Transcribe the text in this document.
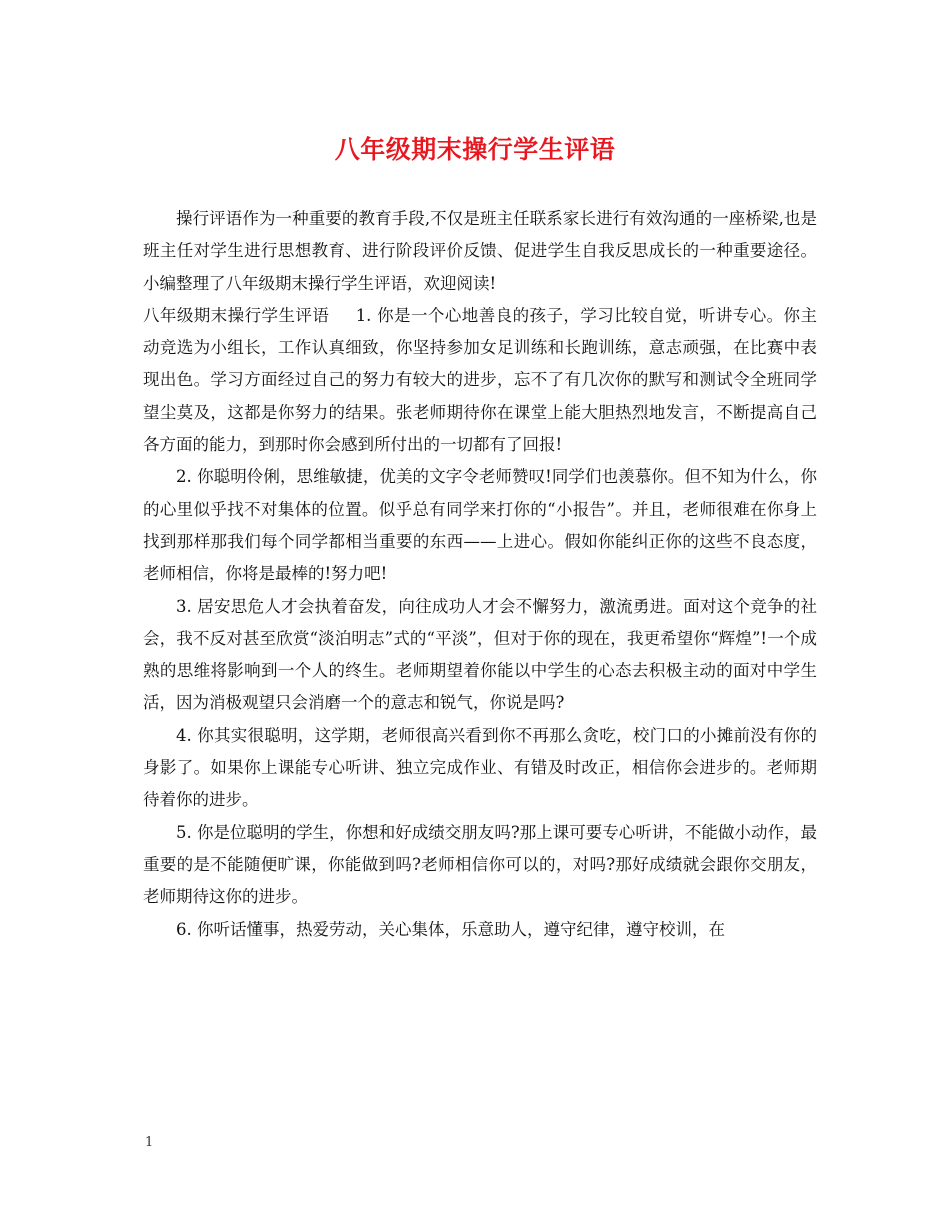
八年级期末操行学生评语

操行评语作为一种重要的教育手段,不仅是班主任联系家长进行有效沟通的一座桥梁,也是班主任对学生进行思想教育、进行阶段评价反馈、促进学生自我反思成长的一种重要途径。小编整理了八年级期末操行学生评语，欢迎阅读!

八年级期末操行学生评语 1. 你是一个心地善良的孩子，学习比较自觉，听讲专心。你主动竞选为小组长，工作认真细致，你坚持参加女足训练和长跑训练，意志顽强，在比赛中表现出色。学习方面经过自己的努力有较大的进步，忘不了有几次你的默写和测试令全班同学望尘莫及，这都是你努力的结果。张老师期待你在课堂上能大胆热烈地发言，不断提高自己各方面的能力，到那时你会感到所付出的一切都有了回报!

2. 你聪明伶俐，思维敏捷，优美的文字令老师赞叹!同学们也羡慕你。但不知为什么，你的心里似乎找不对集体的位置。似乎总有同学来打你的“小报告”。并且，老师很难在你身上找到那样那我们每个同学都相当重要的东西——上进心。假如你能纠正你的这些不良态度，老师相信，你将是最棒的!努力吧!

3. 居安思危人才会执着奋发，向往成功人才会不懈努力，激流勇进。面对这个竞争的社会，我不反对甚至欣赏“淡泊明志”式的“平淡”，但对于你的现在，我更希望你“辉煌”!一个成熟的思维将影响到一个人的终生。老师期望着你能以中学生的心态去积极主动的面对中学生活，因为消极观望只会消磨一个的意志和锐气，你说是吗?

4. 你其实很聪明，这学期，老师很高兴看到你不再那么贪吃，校门口的小摊前没有你的身影了。如果你上课能专心听讲、独立完成作业、有错及时改正，相信你会进步的。老师期待着你的进步。

5. 你是位聪明的学生，你想和好成绩交朋友吗?那上课可要专心听讲，不能做小动作，最重要的是不能随便旷课，你能做到吗?老师相信你可以的，对吗?那好成绩就会跟你交朋友，老师期待这你的进步。

6. 你听话懂事，热爱劳动，关心集体，乐意助人，遵守纪律，遵守校训，在

1
